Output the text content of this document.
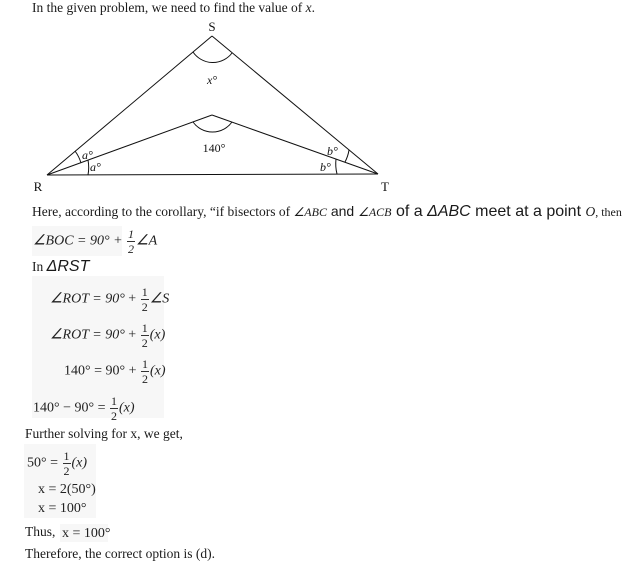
In the given problem, we need to find the value of x.
S
R	T
x°
140°
a°
a°
b°
b°
Here, according to the corollary, “if bisectors of ∠ABC and ∠ACB of a ΔABC meet at a point O, then
∠BOC = $90^\circ + \frac{1}{2}$ ∠A
In ΔRST
∠ROT = $90^\circ + \frac{1}{2}$ ∠S
∠ROT = $90^\circ + \frac{1}{2} (x)$
$140^\circ = 90^\circ + \frac{1}{2} (x)$
$140^\circ - 90^\circ = \frac{1}{2} (x)$
Further solving for x, we get,
$50^\circ = \frac{1}{2} (x)$
x = 2(50°)
x = 100°
Thus, x = 100°
Therefore, the correct option is (d).
